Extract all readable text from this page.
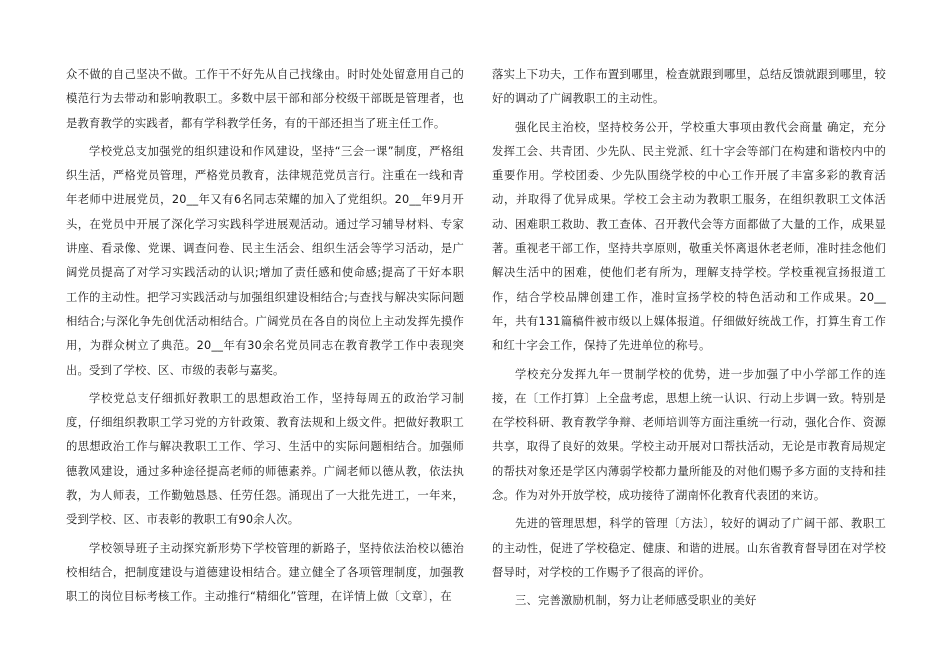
众不做的自己坚决不做。工作干不好先从自己找缘由。时时处处留意用自己的模范行为去带动和影响教职工。多数中层干部和部分校级干部既是管理者，也是教育教学的实践者，都有学科教学任务，有的干部还担当了班主任工作。

学校党总支加强党的组织建设和作风建设，坚持“三会一课”制度，严格组织生活，严格党员管理，严格党员教育，法律规范党员言行。注重在一线和青年老师中进展党员，20__年又有6名同志荣耀的加入了党组织。20__年9月开头，在党员中开展了深化学习实践科学进展观活动。通过学习辅导材料、专家讲座、看录像、党课、调查问卷、民主生活会、组织生活会等学习活动，是广阔党员提高了对学习实践活动的认识;增加了责任感和使命感;提高了干好本职工作的主动性。把学习实践活动与加强组织建设相结合;与查找与解决实际问题相结合;与深化争先创优活动相结合。广阔党员在各自的岗位上主动发挥先摸作用，为群众树立了典范。20__年有30余名党员同志在教育教学工作中表现突出。受到了学校、区、市级的表彰与嘉奖。

学校党总支仔细抓好教职工的思想政治工作，坚持每周五的政治学习制度，仔细组织教职工学习党的方针政策、教育法规和上级文件。把做好教职工的思想政治工作与解决教职工工作、学习、生活中的实际问题相结合。加强师德教风建设，通过多种途径提高老师的师德素养。广阔老师以德从教，依法执教，为人师表，工作勤勉恳恳、任劳任怨。涌现出了一大批先进工，一年来，受到学校、区、市表彰的教职工有90余人次。

学校领导班子主动探究新形势下学校管理的新路子，坚持依法治校以德治校相结合，把制度建设与道德建设相结合。建立健全了各项管理制度，加强教职工的岗位目标考核工作。主动推行“精细化”管理，在详情上做〔文章〕，在

落实上下功夫，工作布置到哪里，检查就跟到哪里，总结反馈就跟到哪里，较好的调动了广阔教职工的主动性。

强化民主治校，坚持校务公开，学校重大事项由教代会商量 确定，充分发挥工会、共青团、少先队、民主党派、红十字会等部门在构建和谐校内中的重要作用。学校团委、少先队围绕学校的中心工作开展了丰富多彩的教育活动，并取得了优异成果。学校工会主动为教职工服务，在组织教职工文体活动、困难职工救助、教工查体、召开教代会等方面都做了大量的工作，成果显著。重视老干部工作，坚持共享原则，敬重关怀离退休老老师，准时挂念他们解决生活中的困难，使他们老有所为，理解支持学校。学校重视宣扬报道工作，结合学校品牌创建工作，准时宣扬学校的特色活动和工作成果。20__年，共有131篇稿件被市级以上媒体报道。仔细做好统战工作，打算生育工作和红十字会工作，保持了先进单位的称号。

学校充分发挥九年一贯制学校的优势，进一步加强了中小学部工作的连接，在〔工作打算〕上全盘考虑，思想上统一认识、行动上步调一致。特别是在学校科研、教育教学争辩、老师培训等方面注重统一行动，强化合作、资源共享，取得了良好的效果。学校主动开展对口帮扶活动，无论是市教育局规定的帮扶对象还是学区内薄弱学校都力量所能及的对他们赐予多方面的支持和挂念。作为对外开放学校，成功接待了湖南怀化教育代表团的来访。

先进的管理思想，科学的管理〔方法〕，较好的调动了广阔干部、教职工的主动性，促进了学校稳定、健康、和谐的进展。山东省教育督导团在对学校督导时，对学校的工作赐予了很高的评价。

三、完善激励机制，努力让老师感受职业的美好
